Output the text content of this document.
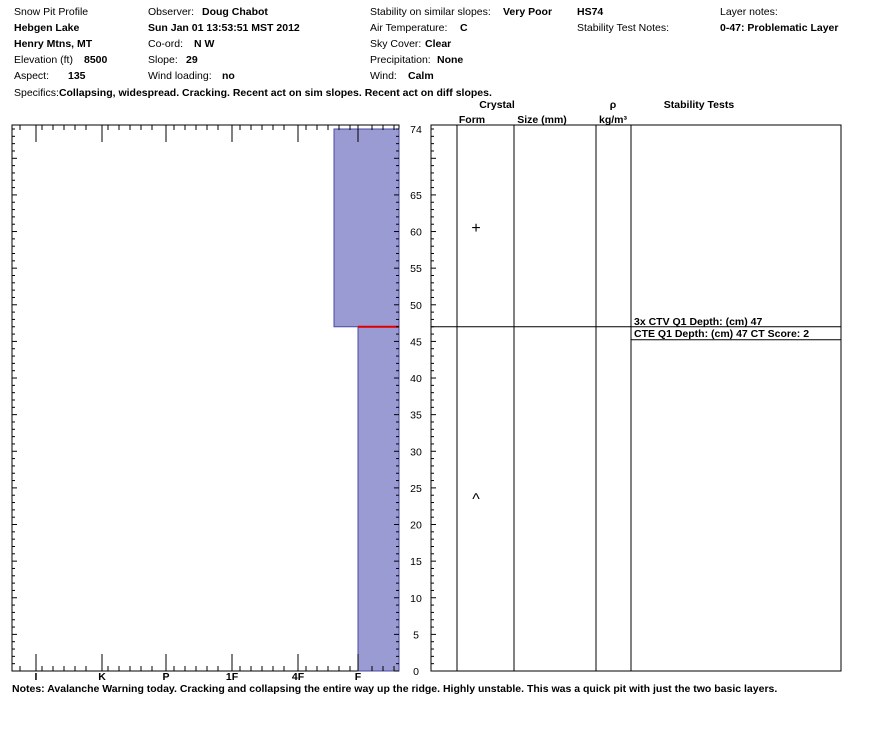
Snow Pit Profile
Hebgen Lake
Henry Mtns, MT
Elevation (ft) 8500
Aspect: 135
Observer: Doug Chabot
Sun Jan 01 13:53:51 MST 2012
Co-ord: N W
Slope: 29
Wind loading: no
Stability on similar slopes: Very Poor
Air Temperature: C
Sky Cover: Clear
Precipitation: None
Wind: Calm
HS74
Stability Test Notes:
Layer notes:
0-47: Problematic Layer
Specifics:Collapsing, widespread. Cracking. Recent act on sim slopes. Recent act on diff slopes.
Crystal
Form	Size (mm)
ρ
kg/m³
Stability Tests
0
5
10
15
20
25
30
35
40
45
50
55
60
65
74
I	K	P	1F	4F	F
+
^
3x CTV Q1 Depth: (cm) 47
CTE Q1 Depth: (cm) 47 CT Score: 2
Notes: Avalanche Warning today. Cracking and collapsing the entire way up the ridge. Highly unstable. This was a quick pit with just the two basic layers.
